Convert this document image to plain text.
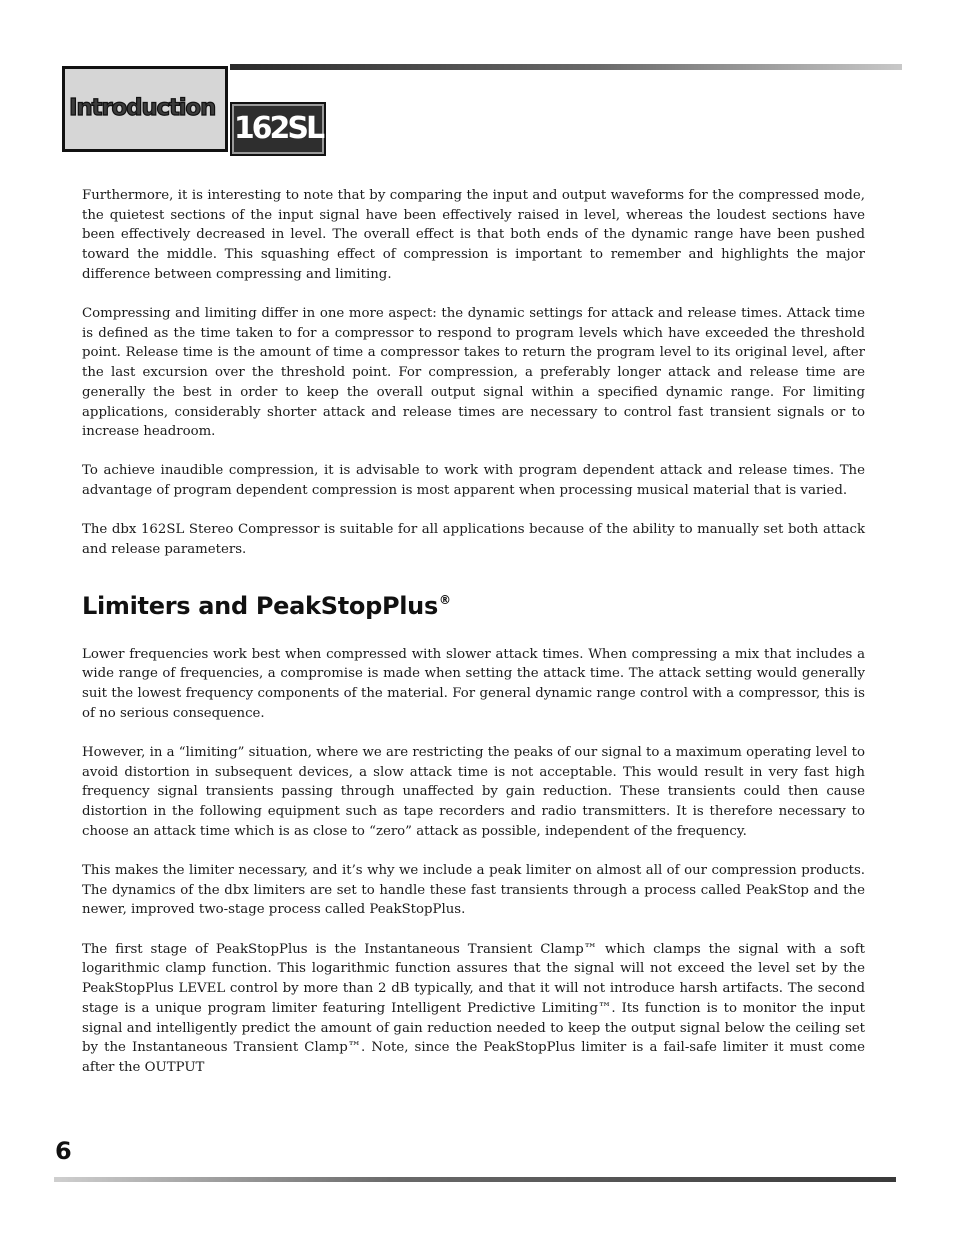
Introduction
162SL

Furthermore, it is interesting to note that by comparing the input and output waveforms for the compressed mode, the quietest sections of the input signal have been effectively raised in level, whereas the loudest sections have been effectively decreased in level. The overall effect is that both ends of the dynamic range have been pushed toward the middle. This squashing effect of compression is important to remember and highlights the major difference between compressing and limiting.

Compressing and limiting differ in one more aspect: the dynamic settings for attack and release times. Attack time is defined as the time taken to for a compressor to respond to program levels which have exceeded the threshold point. Release time is the amount of time a compressor takes to return the program level to its original level, after the last excursion over the threshold point. For compression, a preferably longer attack and release time are generally the best in order to keep the overall output signal within a specified dynamic range. For limiting applications, considerably shorter attack and release times are necessary to control fast transient signals or to increase headroom.

To achieve inaudible compression, it is advisable to work with program dependent attack and release times. The advantage of program dependent compression is most apparent when processing musical material that is varied.

The dbx 162SL Stereo Compressor is suitable for all applications because of the ability to manually set both attack and release parameters.

Limiters and PeakStopPlus®

Lower frequencies work best when compressed with slower attack times. When compressing a mix that includes a wide range of frequencies, a compromise is made when setting the attack time. The attack setting would generally suit the lowest frequency components of the material. For general dynamic range control with a compressor, this is of no serious consequence.

However, in a “limiting” situation, where we are restricting the peaks of our signal to a maximum operating level to avoid distortion in subsequent devices, a slow attack time is not acceptable. This would result in very fast high frequency signal transients passing through unaffected by gain reduction. These transients could then cause distortion in the following equipment such as tape recorders and radio transmitters. It is therefore necessary to choose an attack time which is as close to “zero” attack as possible, independent of the frequency.

This makes the limiter necessary, and it’s why we include a peak limiter on almost all of our compression products. The dynamics of the dbx limiters are set to handle these fast transients through a process called PeakStop and the newer, improved two-stage process called PeakStopPlus.

The first stage of PeakStopPlus is the Instantaneous Transient Clamp™ which clamps the signal with a soft logarithmic clamp function. This logarithmic function assures that the signal will not exceed the level set by the PeakStopPlus LEVEL control by more than 2 dB typically, and that it will not introduce harsh artifacts. The second stage is a unique program limiter featuring Intelligent Predictive Limiting™. Its function is to monitor the input signal and intelligently predict the amount of gain reduction needed to keep the output signal below the ceiling set by the Instantaneous Transient Clamp™. Note, since the PeakStopPlus limiter is a fail-safe limiter it must come after the OUTPUT

6
